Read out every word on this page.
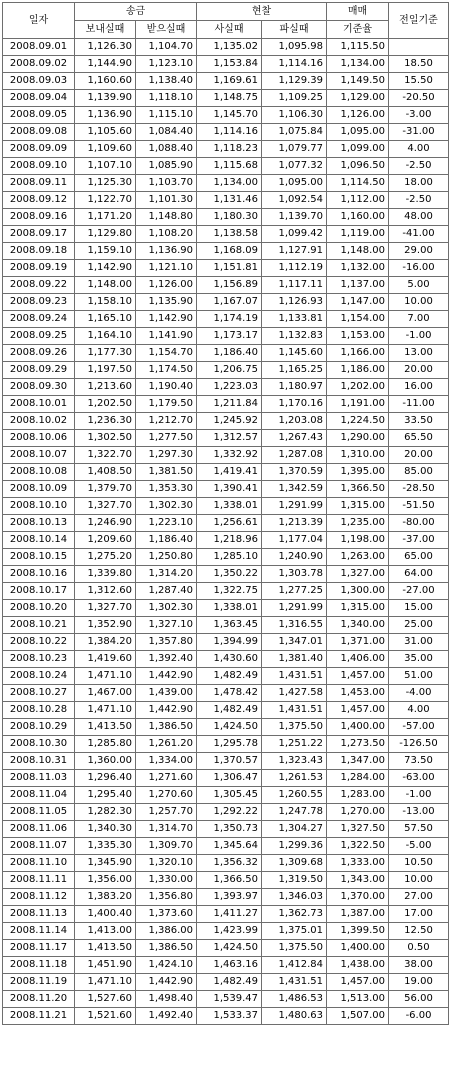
일자	송금		현찰		매매	전일기준
	보내실때	받으실때	사실때	파실때	기준율	
2008.09.01	1,126.30	1,104.70	1,135.02	1,095.98	1,115.50	
2008.09.02	1,144.90	1,123.10	1,153.84	1,114.16	1,134.00	18.50
2008.09.03	1,160.60	1,138.40	1,169.61	1,129.39	1,149.50	15.50
2008.09.04	1,139.90	1,118.10	1,148.75	1,109.25	1,129.00	-20.50
2008.09.05	1,136.90	1,115.10	1,145.70	1,106.30	1,126.00	-3.00
2008.09.08	1,105.60	1,084.40	1,114.16	1,075.84	1,095.00	-31.00
2008.09.09	1,109.60	1,088.40	1,118.23	1,079.77	1,099.00	4.00
2008.09.10	1,107.10	1,085.90	1,115.68	1,077.32	1,096.50	-2.50
2008.09.11	1,125.30	1,103.70	1,134.00	1,095.00	1,114.50	18.00
2008.09.12	1,122.70	1,101.30	1,131.46	1,092.54	1,112.00	-2.50
2008.09.16	1,171.20	1,148.80	1,180.30	1,139.70	1,160.00	48.00
2008.09.17	1,129.80	1,108.20	1,138.58	1,099.42	1,119.00	-41.00
2008.09.18	1,159.10	1,136.90	1,168.09	1,127.91	1,148.00	29.00
2008.09.19	1,142.90	1,121.10	1,151.81	1,112.19	1,132.00	-16.00
2008.09.22	1,148.00	1,126.00	1,156.89	1,117.11	1,137.00	5.00
2008.09.23	1,158.10	1,135.90	1,167.07	1,126.93	1,147.00	10.00
2008.09.24	1,165.10	1,142.90	1,174.19	1,133.81	1,154.00	7.00
2008.09.25	1,164.10	1,141.90	1,173.17	1,132.83	1,153.00	-1.00
2008.09.26	1,177.30	1,154.70	1,186.40	1,145.60	1,166.00	13.00
2008.09.29	1,197.50	1,174.50	1,206.75	1,165.25	1,186.00	20.00
2008.09.30	1,213.60	1,190.40	1,223.03	1,180.97	1,202.00	16.00
2008.10.01	1,202.50	1,179.50	1,211.84	1,170.16	1,191.00	-11.00
2008.10.02	1,236.30	1,212.70	1,245.92	1,203.08	1,224.50	33.50
2008.10.06	1,302.50	1,277.50	1,312.57	1,267.43	1,290.00	65.50
2008.10.07	1,322.70	1,297.30	1,332.92	1,287.08	1,310.00	20.00
2008.10.08	1,408.50	1,381.50	1,419.41	1,370.59	1,395.00	85.00
2008.10.09	1,379.70	1,353.30	1,390.41	1,342.59	1,366.50	-28.50
2008.10.10	1,327.70	1,302.30	1,338.01	1,291.99	1,315.00	-51.50
2008.10.13	1,246.90	1,223.10	1,256.61	1,213.39	1,235.00	-80.00
2008.10.14	1,209.60	1,186.40	1,218.96	1,177.04	1,198.00	-37.00
2008.10.15	1,275.20	1,250.80	1,285.10	1,240.90	1,263.00	65.00
2008.10.16	1,339.80	1,314.20	1,350.22	1,303.78	1,327.00	64.00
2008.10.17	1,312.60	1,287.40	1,322.75	1,277.25	1,300.00	-27.00
2008.10.20	1,327.70	1,302.30	1,338.01	1,291.99	1,315.00	15.00
2008.10.21	1,352.90	1,327.10	1,363.45	1,316.55	1,340.00	25.00
2008.10.22	1,384.20	1,357.80	1,394.99	1,347.01	1,371.00	31.00
2008.10.23	1,419.60	1,392.40	1,430.60	1,381.40	1,406.00	35.00
2008.10.24	1,471.10	1,442.90	1,482.49	1,431.51	1,457.00	51.00
2008.10.27	1,467.00	1,439.00	1,478.42	1,427.58	1,453.00	-4.00
2008.10.28	1,471.10	1,442.90	1,482.49	1,431.51	1,457.00	4.00
2008.10.29	1,413.50	1,386.50	1,424.50	1,375.50	1,400.00	-57.00
2008.10.30	1,285.80	1,261.20	1,295.78	1,251.22	1,273.50	-126.50
2008.10.31	1,360.00	1,334.00	1,370.57	1,323.43	1,347.00	73.50
2008.11.03	1,296.40	1,271.60	1,306.47	1,261.53	1,284.00	-63.00
2008.11.04	1,295.40	1,270.60	1,305.45	1,260.55	1,283.00	-1.00
2008.11.05	1,282.30	1,257.70	1,292.22	1,247.78	1,270.00	-13.00
2008.11.06	1,340.30	1,314.70	1,350.73	1,304.27	1,327.50	57.50
2008.11.07	1,335.30	1,309.70	1,345.64	1,299.36	1,322.50	-5.00
2008.11.10	1,345.90	1,320.10	1,356.32	1,309.68	1,333.00	10.50
2008.11.11	1,356.00	1,330.00	1,366.50	1,319.50	1,343.00	10.00
2008.11.12	1,383.20	1,356.80	1,393.97	1,346.03	1,370.00	27.00
2008.11.13	1,400.40	1,373.60	1,411.27	1,362.73	1,387.00	17.00
2008.11.14	1,413.00	1,386.00	1,423.99	1,375.01	1,399.50	12.50
2008.11.17	1,413.50	1,386.50	1,424.50	1,375.50	1,400.00	0.50
2008.11.18	1,451.90	1,424.10	1,463.16	1,412.84	1,438.00	38.00
2008.11.19	1,471.10	1,442.90	1,482.49	1,431.51	1,457.00	19.00
2008.11.20	1,527.60	1,498.40	1,539.47	1,486.53	1,513.00	56.00
2008.11.21	1,521.60	1,492.40	1,533.37	1,480.63	1,507.00	-6.00
